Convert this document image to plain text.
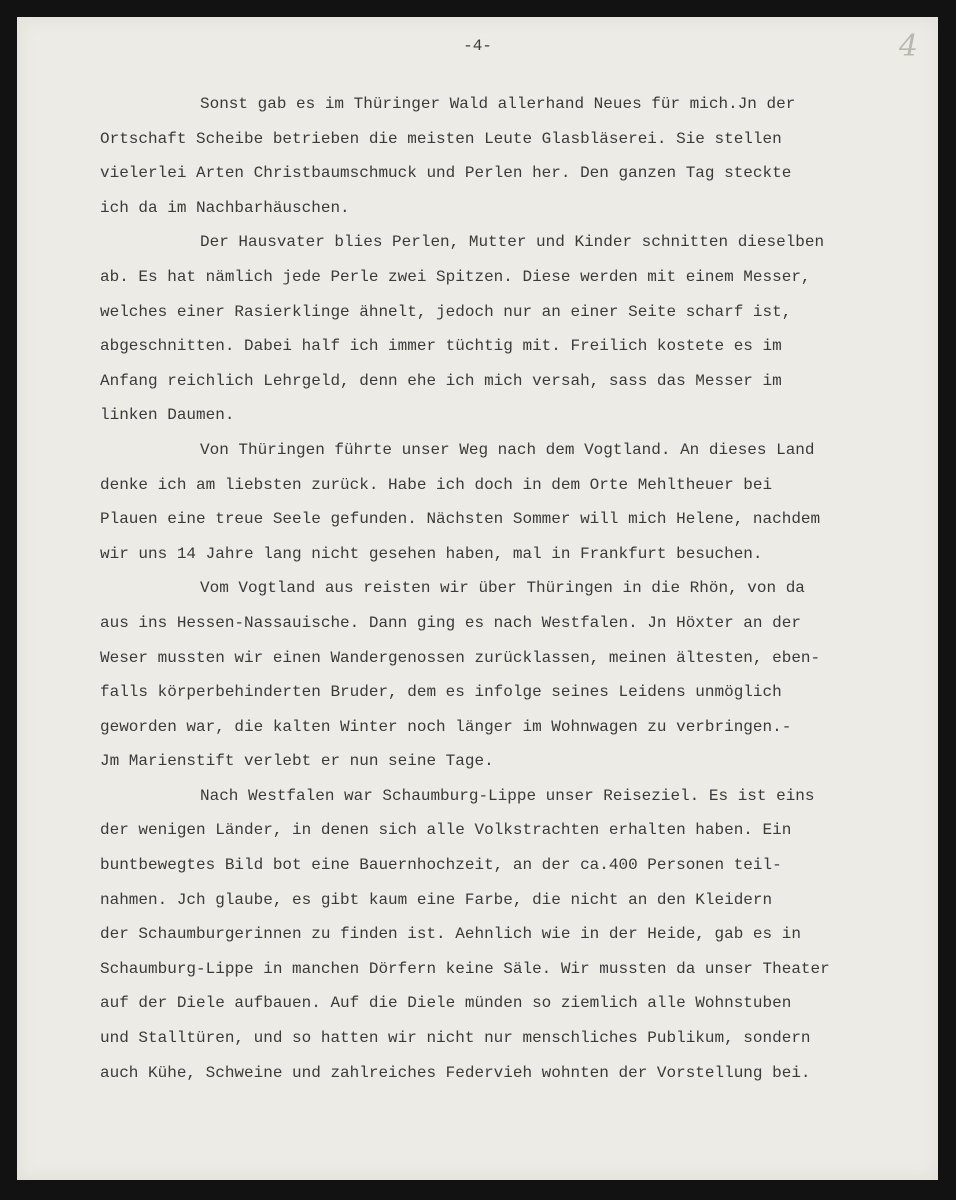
-4-	4
Sonst gab es im Thüringer Wald allerhand Neues für mich.Jn der
Ortschaft Scheibe betrieben die meisten Leute Glasbläserei. Sie stellen
vielerlei Arten Christbaumschmuck und Perlen her. Den ganzen Tag steckte
ich da im Nachbarhäuschen.
Der Hausvater blies Perlen, Mutter und Kinder schnitten dieselben
ab. Es hat nämlich jede Perle zwei Spitzen. Diese werden mit einem Messer,
welches einer Rasierklinge ähnelt, jedoch nur an einer Seite scharf ist,
abgeschnitten. Dabei half ich immer tüchtig mit. Freilich kostete es im
Anfang reichlich Lehrgeld, denn ehe ich mich versah, sass das Messer im
linken Daumen.
Von Thüringen führte unser Weg nach dem Vogtland. An dieses Land
denke ich am liebsten zurück. Habe ich doch in dem Orte Mehltheuer bei
Plauen eine treue Seele gefunden. Nächsten Sommer will mich Helene, nachdem
wir uns 14 Jahre lang nicht gesehen haben, mal in Frankfurt besuchen.
Vom Vogtland aus reisten wir über Thüringen in die Rhön, von da
aus ins Hessen-Nassauische. Dann ging es nach Westfalen. Jn Höxter an der
Weser mussten wir einen Wandergenossen zurücklassen, meinen ältesten, eben-
falls körperbehinderten Bruder, dem es infolge seines Leidens unmöglich
geworden war, die kalten Winter noch länger im Wohnwagen zu verbringen.-
Jm Marienstift verlebt er nun seine Tage.
Nach Westfalen war Schaumburg-Lippe unser Reiseziel. Es ist eins
der wenigen Länder, in denen sich alle Volkstrachten erhalten haben. Ein
buntbewegtes Bild bot eine Bauernhochzeit, an der ca.400 Personen teil-
nahmen. Jch glaube, es gibt kaum eine Farbe, die nicht an den Kleidern
der Schaumburgerinnen zu finden ist. Aehnlich wie in der Heide, gab es in
Schaumburg-Lippe in manchen Dörfern keine Säle. Wir mussten da unser Theater
auf der Diele aufbauen. Auf die Diele münden so ziemlich alle Wohnstuben
und Stalltüren, und so hatten wir nicht nur menschliches Publikum, sondern
auch Kühe, Schweine und zahlreiches Federvieh wohnten der Vorstellung bei.
